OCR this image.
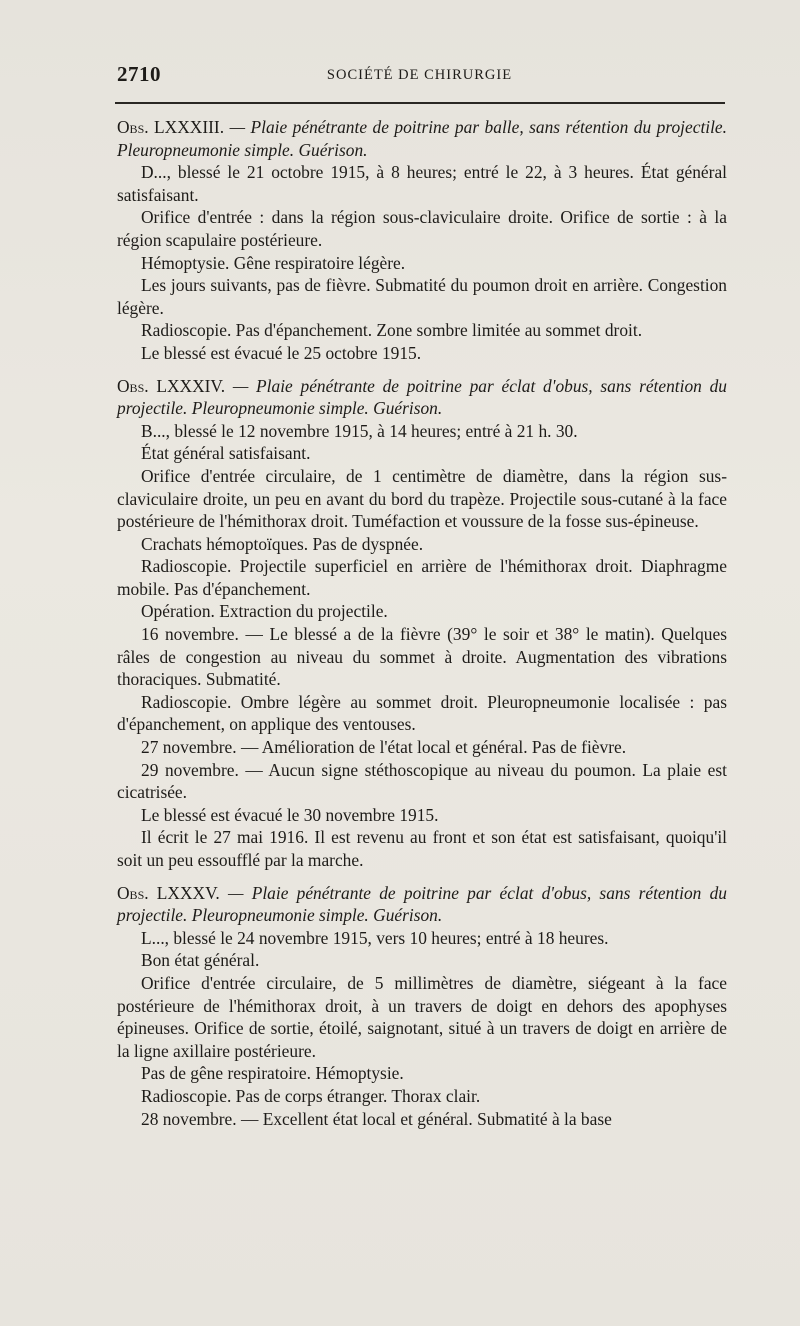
2710	SOCIÉTÉ DE CHIRURGIE

Obs. LXXXIII. — Plaie pénétrante de poitrine par balle, sans rétention du projectile. Pleuropneumonie simple. Guérison.

D..., blessé le 21 octobre 1915, à 8 heures; entré le 22, à 3 heures. État général satisfaisant.

Orifice d'entrée : dans la région sous-claviculaire droite. Orifice de sortie : à la région scapulaire postérieure.

Hémoptysie. Gêne respiratoire légère.

Les jours suivants, pas de fièvre. Submatité du poumon droit en arrière. Congestion légère.

Radioscopie. Pas d'épanchement. Zone sombre limitée au sommet droit.

Le blessé est évacué le 25 octobre 1915.

Obs. LXXXIV. — Plaie pénétrante de poitrine par éclat d'obus, sans rétention du projectile. Pleuropneumonie simple. Guérison.

B..., blessé le 12 novembre 1915, à 14 heures; entré à 21 h. 30.

État général satisfaisant.

Orifice d'entrée circulaire, de 1 centimètre de diamètre, dans la région sus-claviculaire droite, un peu en avant du bord du trapèze. Projectile sous-cutané à la face postérieure de l'hémithorax droit. Tuméfaction et voussure de la fosse sus-épineuse.

Crachats hémoptoïques. Pas de dyspnée.

Radioscopie. Projectile superficiel en arrière de l'hémithorax droit. Diaphragme mobile. Pas d'épanchement.

Opération. Extraction du projectile.

16 novembre. — Le blessé a de la fièvre (39° le soir et 38° le matin). Quelques râles de congestion au niveau du sommet à droite. Augmentation des vibrations thoraciques. Submatité.

Radioscopie. Ombre légère au sommet droit. Pleuropneumonie localisée : pas d'épanchement, on applique des ventouses.

27 novembre. — Amélioration de l'état local et général. Pas de fièvre.

29 novembre. — Aucun signe stéthoscopique au niveau du poumon. La plaie est cicatrisée.

Le blessé est évacué le 30 novembre 1915.

Il écrit le 27 mai 1916. Il est revenu au front et son état est satisfaisant, quoiqu'il soit un peu essoufflé par la marche.

Obs. LXXXV. — Plaie pénétrante de poitrine par éclat d'obus, sans rétention du projectile. Pleuropneumonie simple. Guérison.

L..., blessé le 24 novembre 1915, vers 10 heures; entré à 18 heures.

Bon état général.

Orifice d'entrée circulaire, de 5 millimètres de diamètre, siégeant à la face postérieure de l'hémithorax droit, à un travers de doigt en dehors des apophyses épineuses. Orifice de sortie, étoilé, saignotant, situé à un travers de doigt en arrière de la ligne axillaire postérieure.

Pas de gêne respiratoire. Hémoptysie.

Radioscopie. Pas de corps étranger. Thorax clair.

28 novembre. — Excellent état local et général. Submatité à la base
